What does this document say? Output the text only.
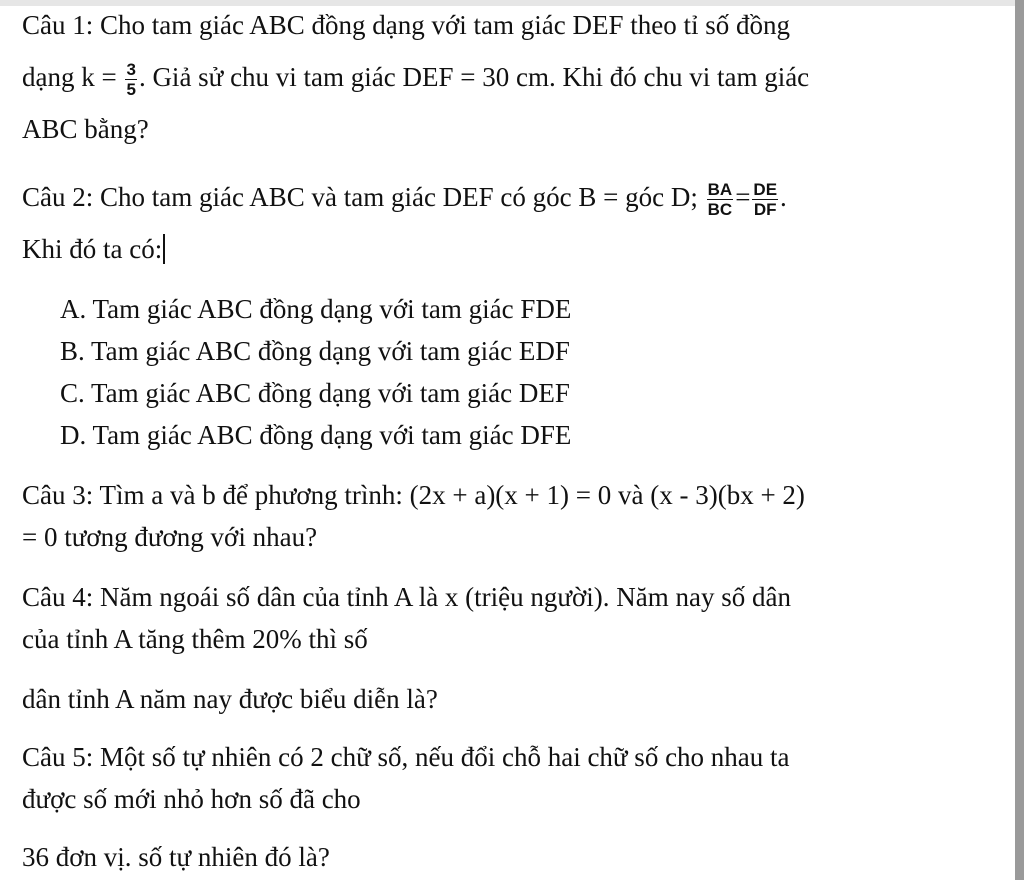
Câu 1: Cho tam giác ABC đồng dạng với tam giác DEF theo tỉ số đồng
dạng $k = \frac{3}{5}$ . Giả sử chu vi tam giác DEF = 30 cm. Khi đó chu vi tam giác
ABC bằng?
Câu 2: Cho tam giác ABC và tam giác DEF có góc B = góc D; $\frac{BA}{BC} = \frac{DE}{DF}$ .
Khi đó ta có:
A. Tam giác ABC đồng dạng với tam giác FDE
B. Tam giác ABC đồng dạng với tam giác EDF
C. Tam giác ABC đồng dạng với tam giác DEF
D. Tam giác ABC đồng dạng với tam giác DFE
Câu 3: Tìm a và b để phương trình: (2x + a)(x + 1) = 0 và (x - 3)(bx + 2)
= 0 tương đương với nhau?
Câu 4: Năm ngoái số dân của tỉnh A là x (triệu người). Năm nay số dân
của tỉnh A tăng thêm 20% thì số
dân tỉnh A năm nay được biểu diễn là?
Câu 5: Một số tự nhiên có 2 chữ số, nếu đổi chỗ hai chữ số cho nhau ta
được số mới nhỏ hơn số đã cho
36 đơn vị. số tự nhiên đó là?
